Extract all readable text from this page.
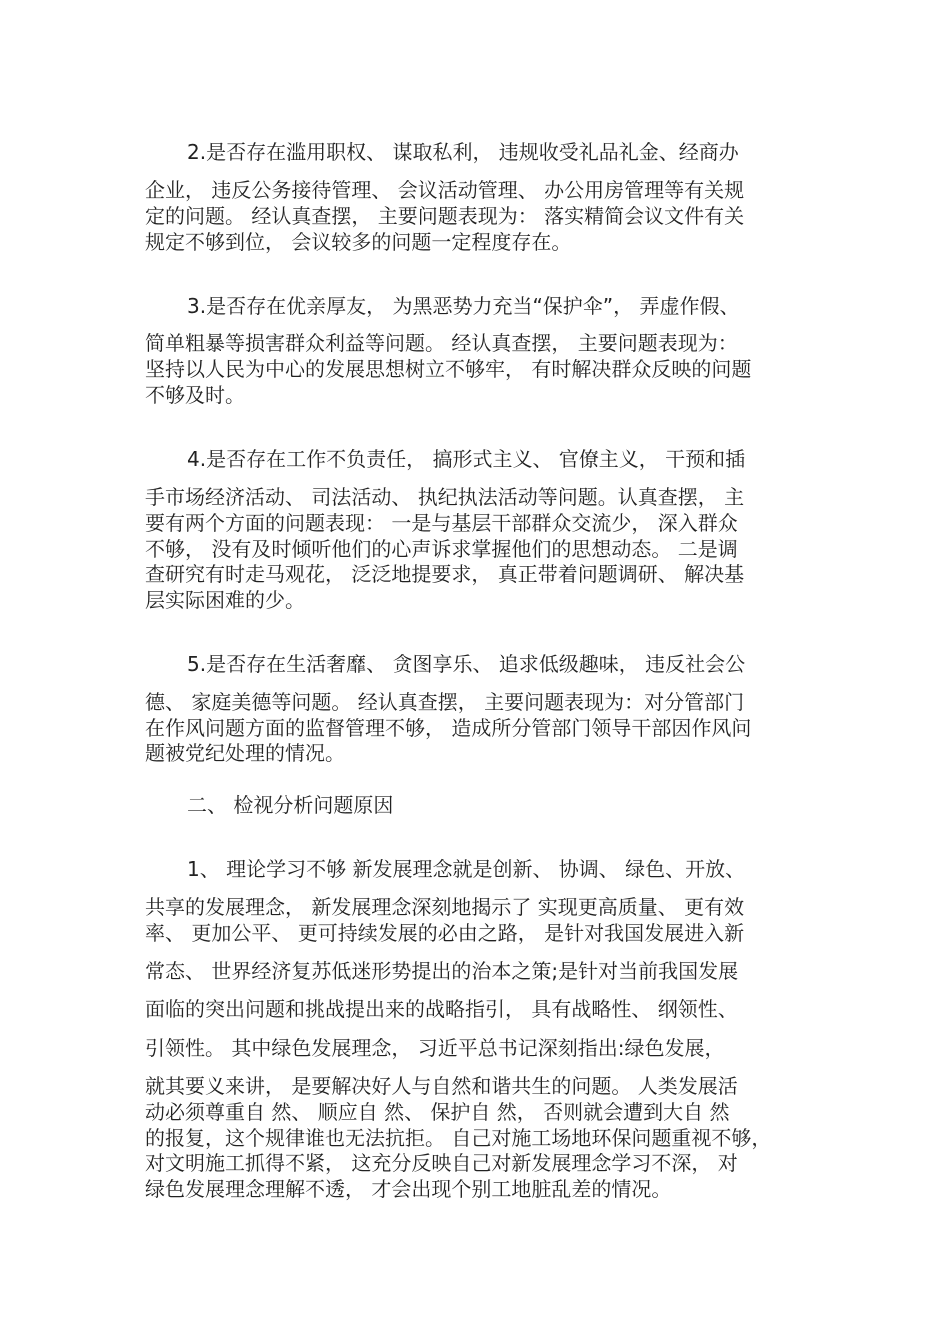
2.是否存在滥用职权、 谋取私利， 违规收受礼品礼金、经商办
企业， 违反公务接待管理、 会议活动管理、 办公用房管理等有关规
定的问题。 经认真查摆， 主要问题表现为： 落实精简会议文件有关
规定不够到位， 会议较多的问题一定程度存在。
3.是否存在优亲厚友， 为黑恶势力充当“保护伞”， 弄虚作假、
简单粗暴等损害群众利益等问题。 经认真查摆， 主要问题表现为：
坚持以人民为中心的发展思想树立不够牢， 有时解决群众反映的问题
不够及时。
4.是否存在工作不负责任， 搞形式主义、 官僚主义， 干预和插
手市场经济活动、 司法活动、 执纪执法活动等问题。认真查摆， 主
要有两个方面的问题表现： 一是与基层干部群众交流少， 深入群众
不够， 没有及时倾听他们的心声诉求掌握他们的思想动态。 二是调
查研究有时走马观花， 泛泛地提要求， 真正带着问题调研、 解决基
层实际困难的少。
5.是否存在生活奢靡、 贪图享乐、 追求低级趣味， 违反社会公
德、 家庭美德等问题。 经认真查摆， 主要问题表现为：对分管部门
在作风问题方面的监督管理不够， 造成所分管部门领导干部因作风问
题被党纪处理的情况。
二、 检视分析问题原因
1、 理论学习不够 新发展理念就是创新、 协调、 绿色、开放、
共享的发展理念， 新发展理念深刻地揭示了 实现更高质量、 更有效
率、 更加公平、 更可持续发展的必由之路， 是针对我国发展进入新
常态、 世界经济复苏低迷形势提出的治本之策;是针对当前我国发展
面临的突出问题和挑战提出来的战略指引， 具有战略性、 纲领性、
引领性。 其中绿色发展理念， 习近平总书记深刻指出:绿色发展，
就其要义来讲， 是要解决好人与自然和谐共生的问题。 人类发展活
动必须尊重自 然、 顺应自 然、 保护自 然， 否则就会遭到大自 然
的报复，这个规律谁也无法抗拒。 自己对施工场地环保问题重视不够，
对文明施工抓得不紧， 这充分反映自己对新发展理念学习不深， 对
绿色发展理念理解不透， 才会出现个别工地脏乱差的情况。
